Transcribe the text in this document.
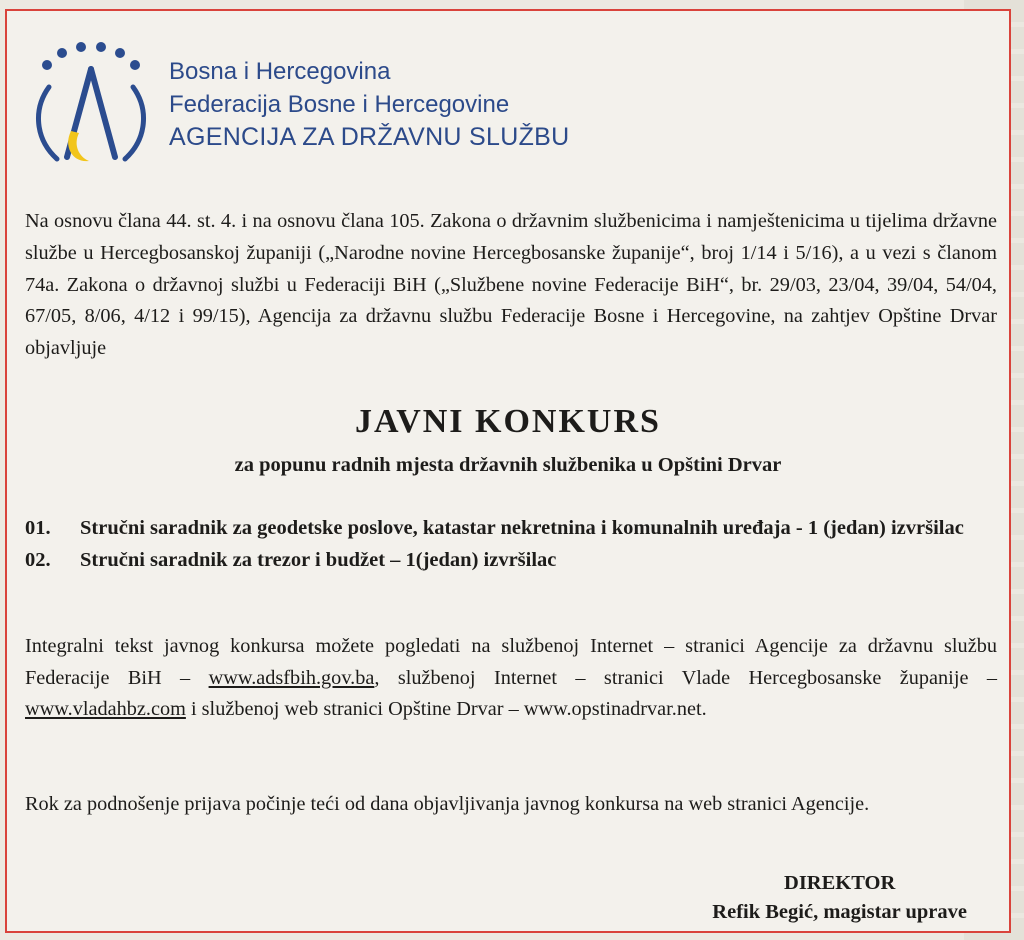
Bosna i Hercegovina
Federacija Bosne i Hercegovine
AGENCIJA ZA DRŽAVNU SLUŽBU

Na osnovu člana 44. st. 4. i na osnovu člana 105. Zakona o državnim službenicima i namještenicima u tijelima državne službe u Hercegbosanskoj županiji („Narodne novine Hercegbosanske županije“, broj 1/14 i 5/16), a u vezi s članom 74a. Zakona o državnoj službi u Federaciji BiH („Službene novine Federacije BiH“, br. 29/03, 23/04, 39/04, 54/04, 67/05, 8/06, 4/12 i 99/15), Agencija za državnu službu Federacije Bosne i Hercegovine, na zahtjev Opštine Drvar objavljuje

JAVNI KONKURS
za popunu radnih mjesta državnih službenika u Opštini Drvar
01.	Stručni saradnik za geodetske poslove, katastar nekretnina i komunalnih uređaja - 1 (jedan) izvršilac
02.	Stručni saradnik za trezor i budžet – 1(jedan) izvršilac

Integralni tekst javnog konkursa možete pogledati na službenoj Internet – stranici Agencije za državnu službu Federacije BiH – www.adsfbih.gov.ba, službenoj Internet – stranici Vlade Hercegbosanske županije – www.vladahbz.com i službenoj web stranici Opštine Drvar – www.opstinadrvar.net.

Rok za podnošenje prijava počinje teći od dana objavljivanja javnog konkursa na web stranici Agencije.

DIREKTOR
Refik Begić, magistar uprave
